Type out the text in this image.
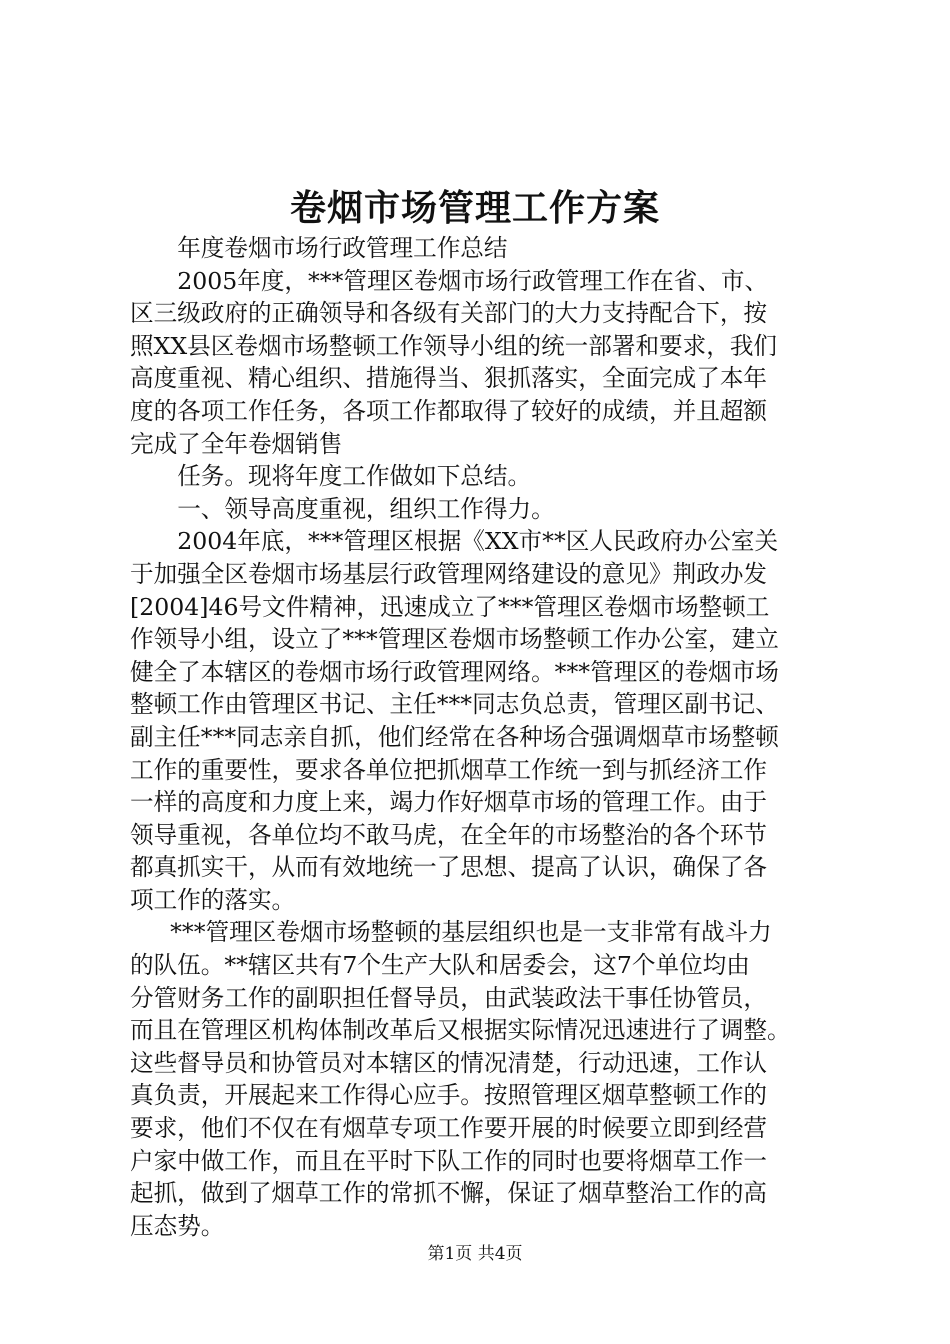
卷烟市场管理工作方案

年度卷烟市场行政管理工作总结

2005年度，***管理区卷烟市场行政管理工作在省、市、
区三级政府的正确领导和各级有关部门的大力支持配合下，按
照XX县区卷烟市场整顿工作领导小组的统一部署和要求，我们
高度重视、精心组织、措施得当、狠抓落实，全面完成了本年
度的各项工作任务，各项工作都取得了较好的成绩，并且超额
完成了全年卷烟销售

任务。现将年度工作做如下总结。

一、领导高度重视，组织工作得力。

2004年底，***管理区根据《XX市**区人民政府办公室关
于加强全区卷烟市场基层行政管理网络建设的意见》荆政办发
[2004]46号文件精神，迅速成立了***管理区卷烟市场整顿工
作领导小组，设立了***管理区卷烟市场整顿工作办公室，建立
健全了本辖区的卷烟市场行政管理网络。***管理区的卷烟市场
整顿工作由管理区书记、主任***同志负总责，管理区副书记、
副主任***同志亲自抓，他们经常在各种场合强调烟草市场整顿
工作的重要性，要求各单位把抓烟草工作统一到与抓经济工作
一样的高度和力度上来，竭力作好烟草市场的管理工作。由于
领导重视，各单位均不敢马虎，在全年的市场整治的各个环节
都真抓实干，从而有效地统一了思想、提高了认识，确保了各
项工作的落实。

***管理区卷烟市场整顿的基层组织也是一支非常有战斗力
的队伍。**辖区共有7个生产大队和居委会，这7个单位均由
分管财务工作的副职担任督导员，由武装政法干事任协管员，
而且在管理区机构体制改革后又根据实际情况迅速进行了调整。
这些督导员和协管员对本辖区的情况清楚，行动迅速，工作认
真负责，开展起来工作得心应手。按照管理区烟草整顿工作的
要求，他们不仅在有烟草专项工作要开展的时候要立即到经营
户家中做工作，而且在平时下队工作的同时也要将烟草工作一
起抓，做到了烟草工作的常抓不懈，保证了烟草整治工作的高
压态势。

第1页 共4页
